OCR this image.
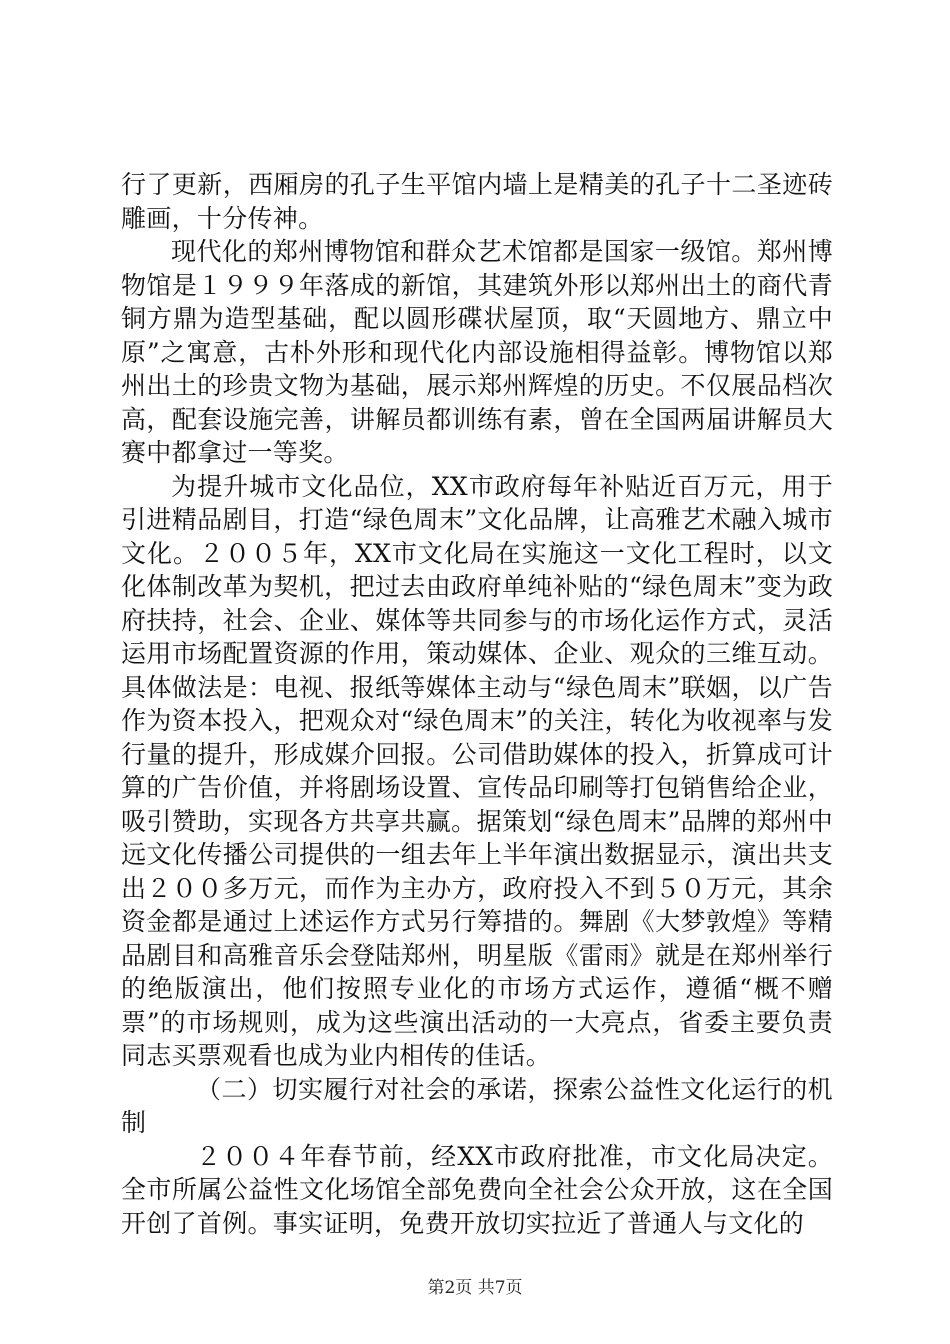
行了更新，西厢房的孔子生平馆内墙上是精美的孔子十二圣迹砖雕画，十分传神。

现代化的郑州博物馆和群众艺术馆都是国家一级馆。郑州博物馆是１９９９年落成的新馆，其建筑外形以郑州出土的商代青铜方鼎为造型基础，配以圆形碟状屋顶，取“天圆地方、鼎立中原”之寓意，古朴外形和现代化内部设施相得益彰。博物馆以郑州出土的珍贵文物为基础，展示郑州辉煌的历史。不仅展品档次高，配套设施完善，讲解员都训练有素，曾在全国两届讲解员大赛中都拿过一等奖。

为提升城市文化品位，XX市政府每年补贴近百万元，用于引进精品剧目，打造“绿色周末”文化品牌，让高雅艺术融入城市文化。２００５年，XX市文化局在实施这一文化工程时，以文化体制改革为契机，把过去由政府单纯补贴的“绿色周末”变为政府扶持，社会、企业、媒体等共同参与的市场化运作方式，灵活运用市场配置资源的作用，策动媒体、企业、观众的三维互动。具体做法是：电视、报纸等媒体主动与“绿色周末”联姻，以广告作为资本投入，把观众对“绿色周末”的关注，转化为收视率与发行量的提升，形成媒介回报。公司借助媒体的投入，折算成可计算的广告价值，并将剧场设置、宣传品印刷等打包销售给企业，吸引赞助，实现各方共享共赢。据策划“绿色周末”品牌的郑州中远文化传播公司提供的一组去年上半年演出数据显示，演出共支出２００多万元，而作为主办方，政府投入不到５０万元，其余资金都是通过上述运作方式另行筹措的。舞剧《大梦敦煌》等精品剧目和高雅音乐会登陆郑州，明星版《雷雨》就是在郑州举行的绝版演出，他们按照专业化的市场方式运作，遵循“概不赠票”的市场规则，成为这些演出活动的一大亮点，省委主要负责同志买票观看也成为业内相传的佳话。

（二）切实履行对社会的承诺，探索公益性文化运行的机制

２００４年春节前，经XX市政府批准，市文化局决定。全市所属公益性文化场馆全部免费向全社会公众开放，这在全国开创了首例。事实证明，免费开放切实拉近了普通人与文化的

第2页 共7页
